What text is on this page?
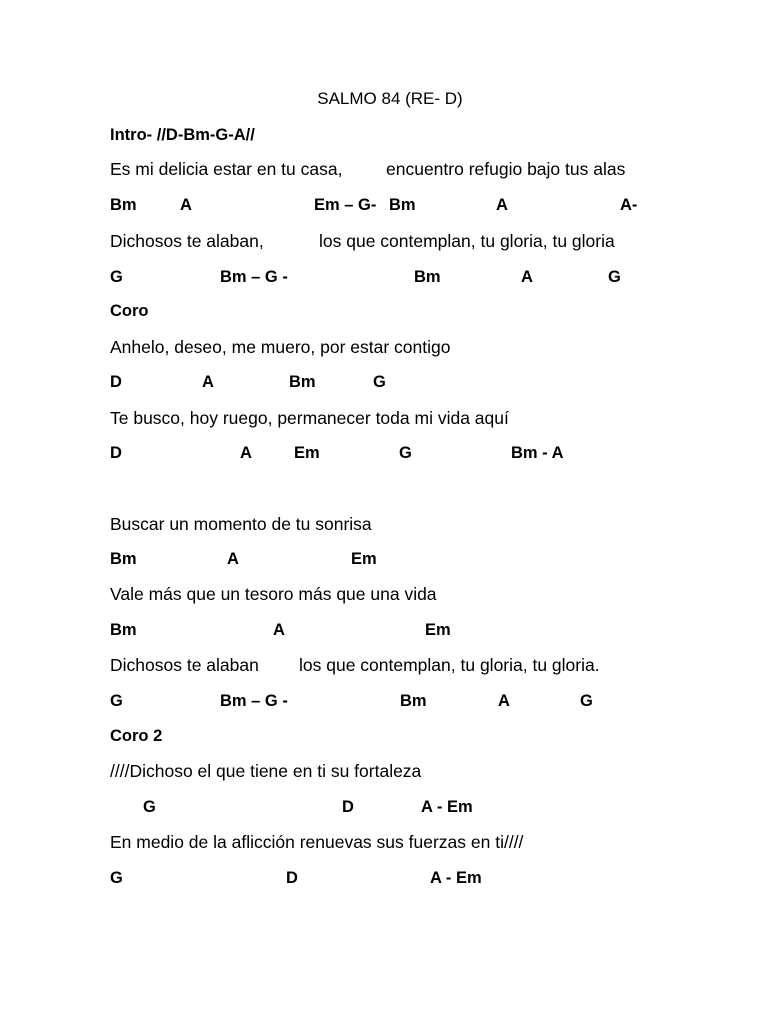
SALMO 84 (RE- D)
Intro- //D-Bm-G-A//
Es mi delicia estar en tu casa, encuentro refugio bajo tus alas
Bm	A	Em – G- Bm	A	A-
Dichosos te alaban,	los que contemplan, tu gloria, tu gloria
G	Bm – G -	Bm	A	G
Coro
Anhelo, deseo, me muero, por estar contigo
D	A	Bm	G
Te busco, hoy ruego, permanecer toda mi vida aquí
D	A	Em	G	Bm - A
Buscar un momento de tu sonrisa
Bm	A	Em
Vale más que un tesoro más que una vida
Bm	A	Em
Dichosos te alaban los que contemplan, tu gloria, tu gloria.
G	Bm – G -	Bm	A	G
Coro 2
////Dichoso el que tiene en ti su fortaleza
G	D	A - Em
En medio de la aflicción renuevas sus fuerzas en ti////
G	D	A - Em
